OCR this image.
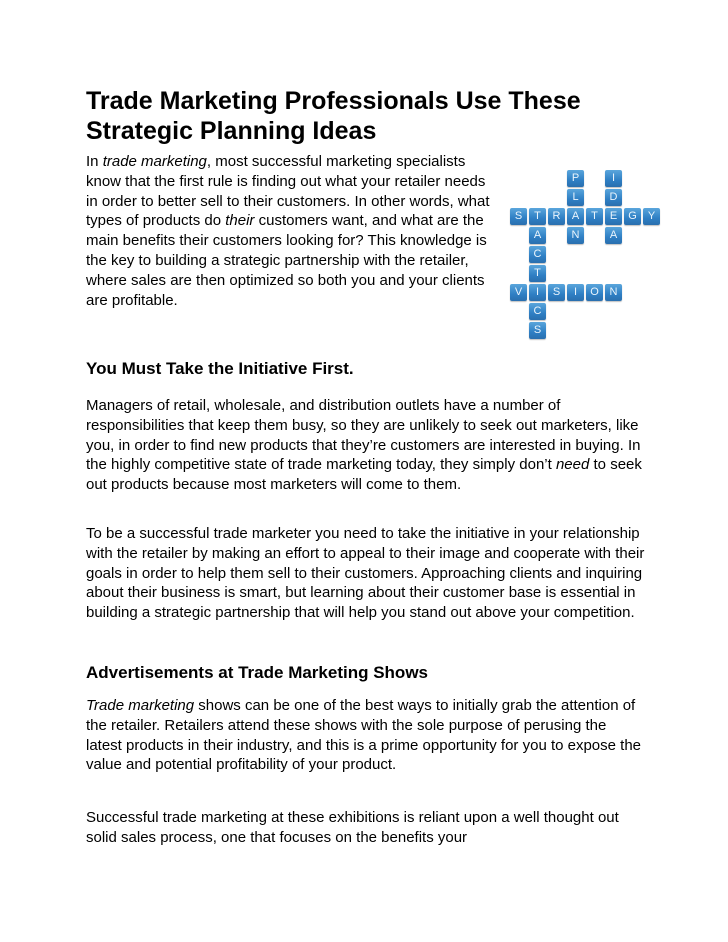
Trade Marketing Professionals Use These Strategic Planning Ideas

In trade marketing, most successful marketing specialists know that the first rule is finding out what your retailer needs in order to better sell to their customers. In other words, what types of products do their customers want, and what are the main benefits their customers looking for? This knowledge is the key to building a strategic partnership with the retailer, where sales are then optimized so both you and your clients are profitable.

P
L
N
I
D
A
S	T	R	A	T	E	G	Y
A
C
T
I
C
S
V	S	I	O N
You Must Take the Initiative First.

Managers of retail, wholesale, and distribution outlets have a number of responsibilities that keep them busy, so they are unlikely to seek out marketers, like you, in order to find new products that they’re customers are interested in buying. In the highly competitive state of trade marketing today, they simply don’t need to seek out products because most marketers will come to them.

To be a successful trade marketer you need to take the initiative in your relationship with the retailer by making an effort to appeal to their image and cooperate with their goals in order to help them sell to their customers. Approaching clients and inquiring about their business is smart, but learning about their customer base is essential in building a strategic partnership that will help you stand out above your competition.

Advertisements at Trade Marketing Shows

Trade marketing shows can be one of the best ways to initially grab the attention of the retailer. Retailers attend these shows with the sole purpose of perusing the latest products in their industry, and this is a prime opportunity for you to expose the value and potential profitability of your product.

Successful trade marketing at these exhibitions is reliant upon a well thought out solid sales process, one that focuses on the benefits your
